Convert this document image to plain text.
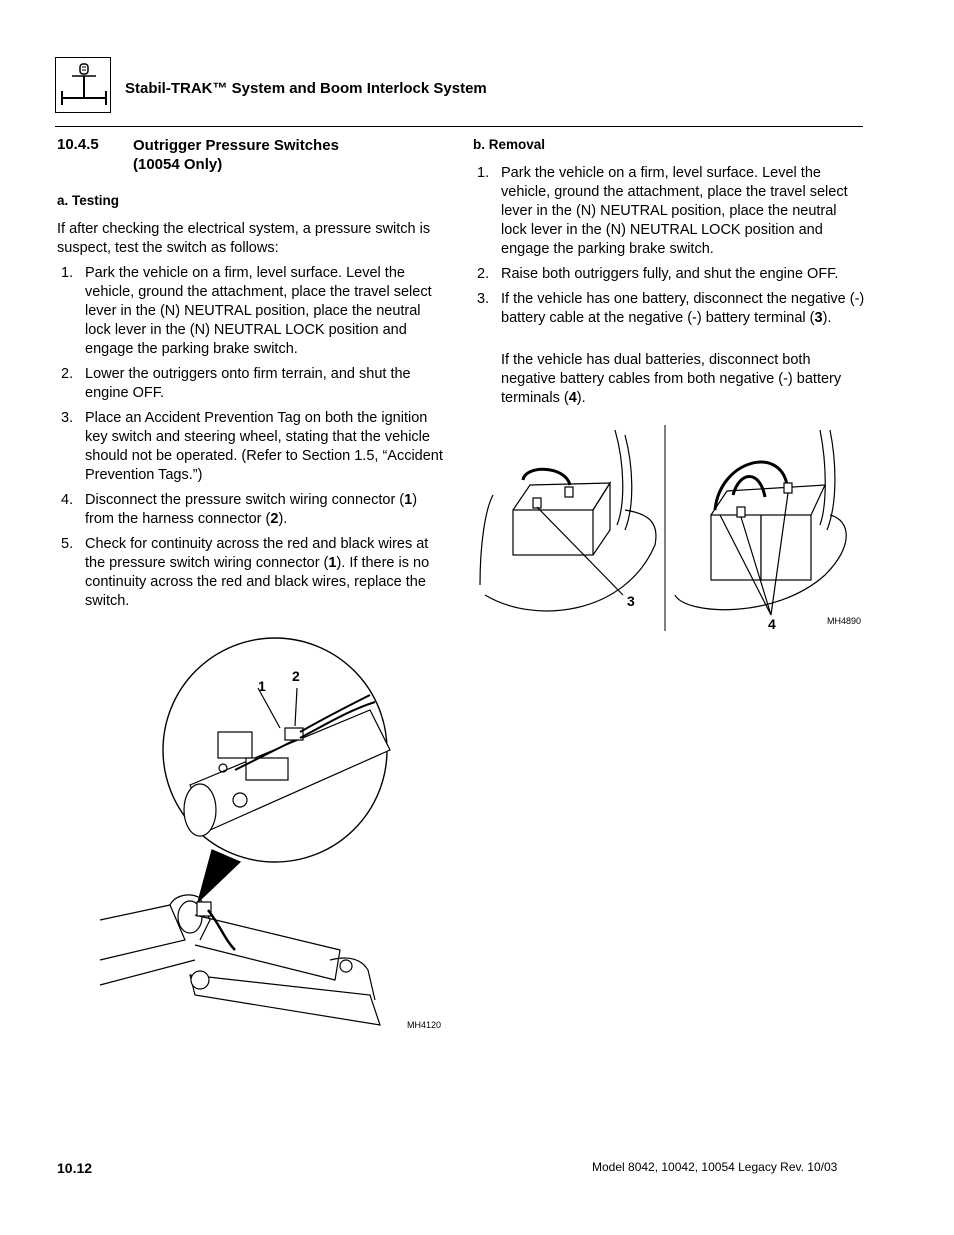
Stabil-TRAK™ System and Boom Interlock System
10.4.5 Outrigger Pressure Switches
(10054 Only)
a. Testing
If after checking the electrical system, a pressure switch is suspect, test the switch as follows:
1. Park the vehicle on a firm, level surface. Level the vehicle, ground the attachment, place the travel select lever in the (N) NEUTRAL position, place the neutral lock lever in the (N) NEUTRAL LOCK position and engage the parking brake switch.
2. Lower the outriggers onto firm terrain, and shut the engine OFF.
3. Place an Accident Prevention Tag on both the ignition key switch and steering wheel, stating that the vehicle should not be operated. (Refer to Section 1.5, “Accident Prevention Tags.”)
4. Disconnect the pressure switch wiring connector (1) from the harness connector (2).
5. Check for continuity across the red and black wires at the pressure switch wiring connector (1). If there is no continuity across the red and black wires, replace the switch.
b. Removal
1. Park the vehicle on a firm, level surface. Level the vehicle, ground the attachment, place the travel select lever in the (N) NEUTRAL position, place the neutral lock lever in the (N) NEUTRAL LOCK position and engage the parking brake switch.
2. Raise both outriggers fully, and shut the engine OFF.
3. If the vehicle has one battery, disconnect the negative (-) battery cable at the negative (-) battery terminal (3).
If the vehicle has dual batteries, disconnect both negative battery cables from both negative (-) battery terminals (4).
3
4	MH4890
1
2
MH4120
10.12	Model 8042, 10042, 10054 Legacy Rev. 10/03
